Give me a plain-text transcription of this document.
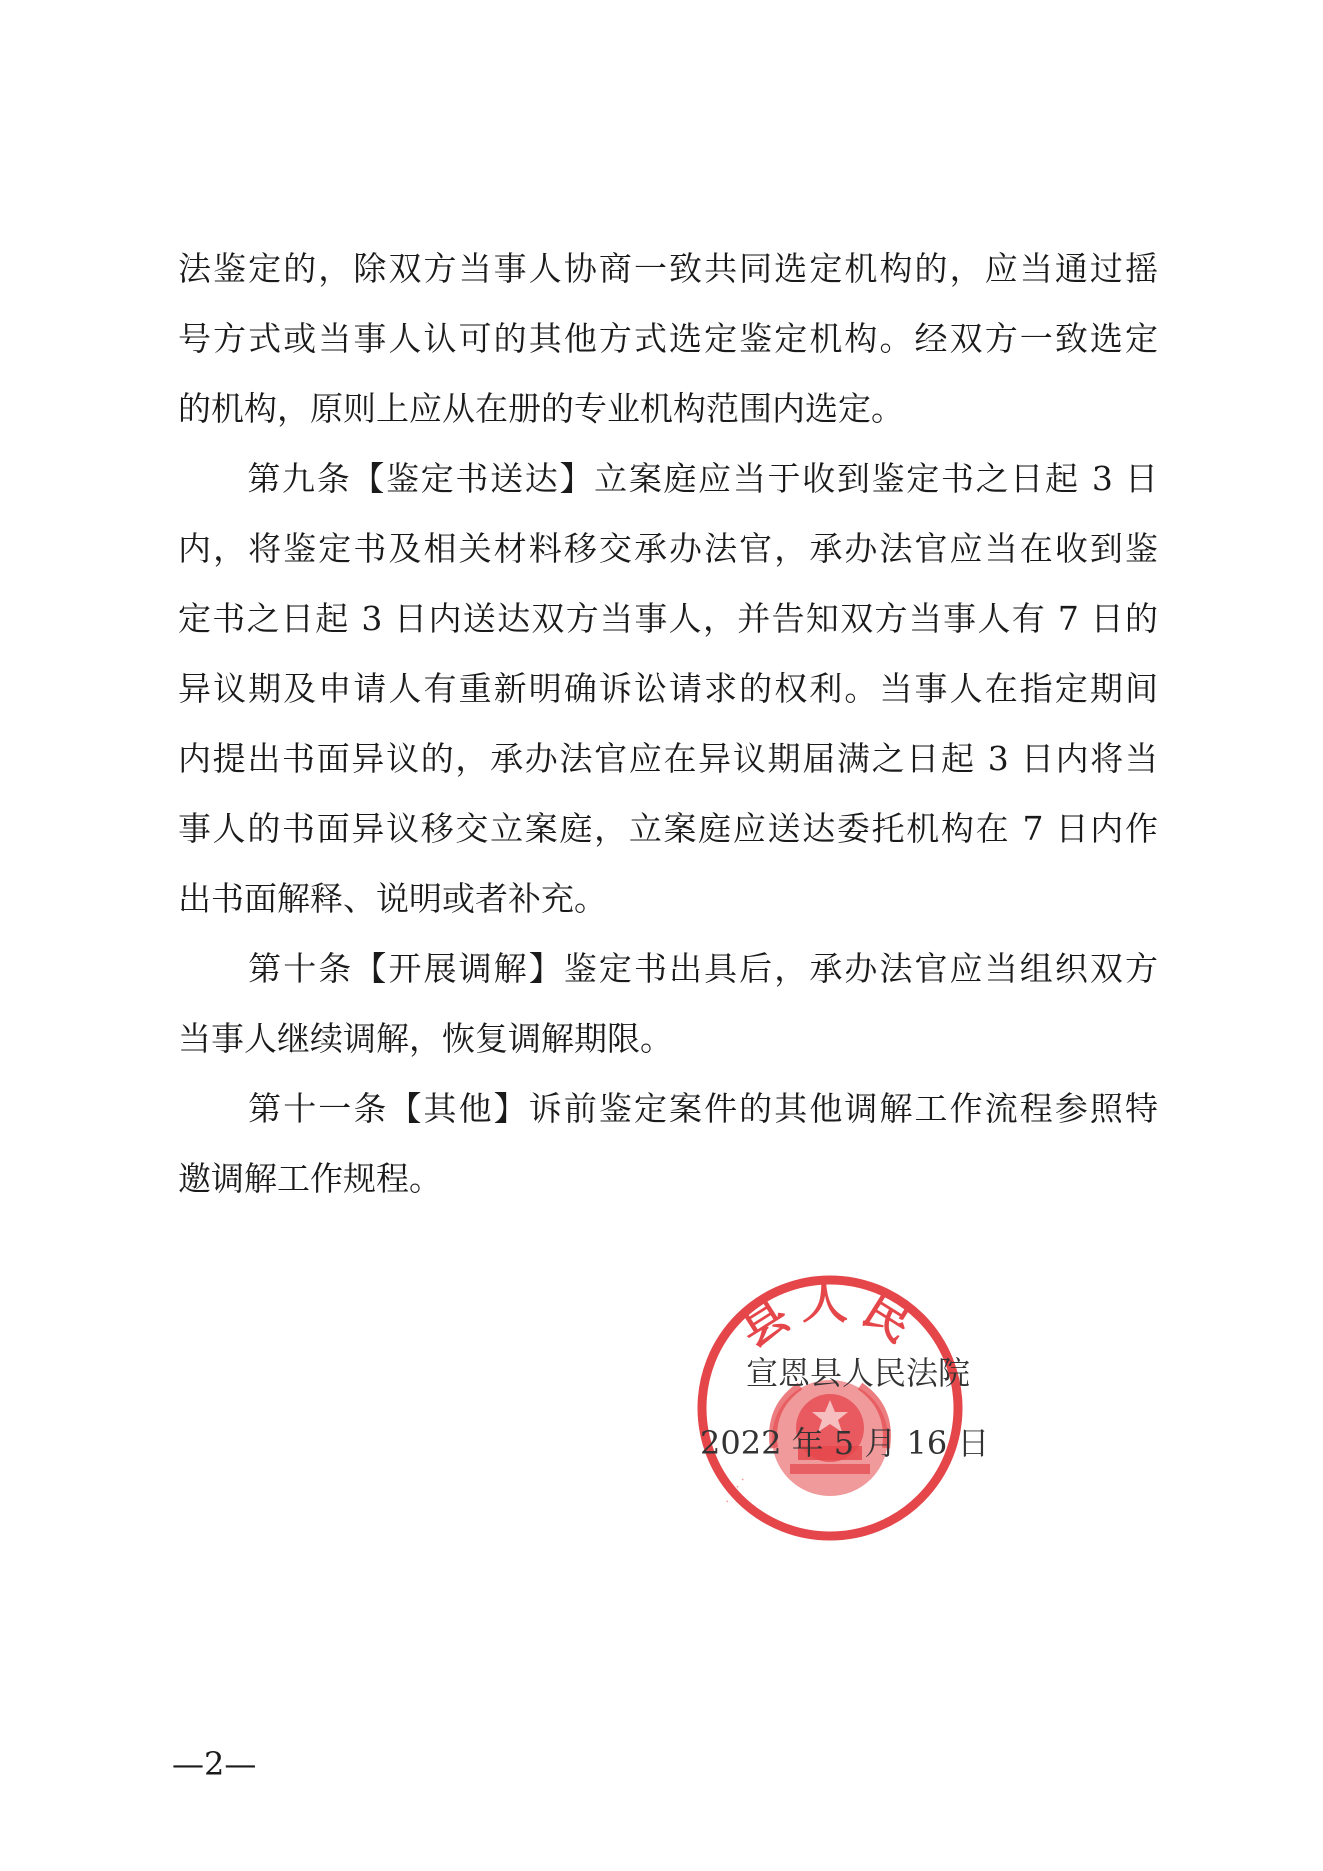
法鉴定的，除双方当事人协商一致共同选定机构的，应当通过摇
号方式或当事人认可的其他方式选定鉴定机构。经双方一致选定
的机构，原则上应从在册的专业机构范围内选定。
　　第九条【鉴定书送达】立案庭应当于收到鉴定书之日起 3 日
内，将鉴定书及相关材料移交承办法官，承办法官应当在收到鉴
定书之日起 3 日内送达双方当事人，并告知双方当事人有 7 日的
异议期及申请人有重新明确诉讼请求的权利。当事人在指定期间
内提出书面异议的，承办法官应在异议期届满之日起 3 日内将当
事人的书面异议移交立案庭，立案庭应送达委托机构在 7 日内作
出书面解释、说明或者补充。
　　第十条【开展调解】鉴定书出具后，承办法官应当组织双方
当事人继续调解，恢复调解期限。
　　第十一条【其他】诉前鉴定案件的其他调解工作流程参照特
邀调解工作规程。
县人民
· · · ·
宣恩县人民法院
2022 年 5 月 16 日
—2—
